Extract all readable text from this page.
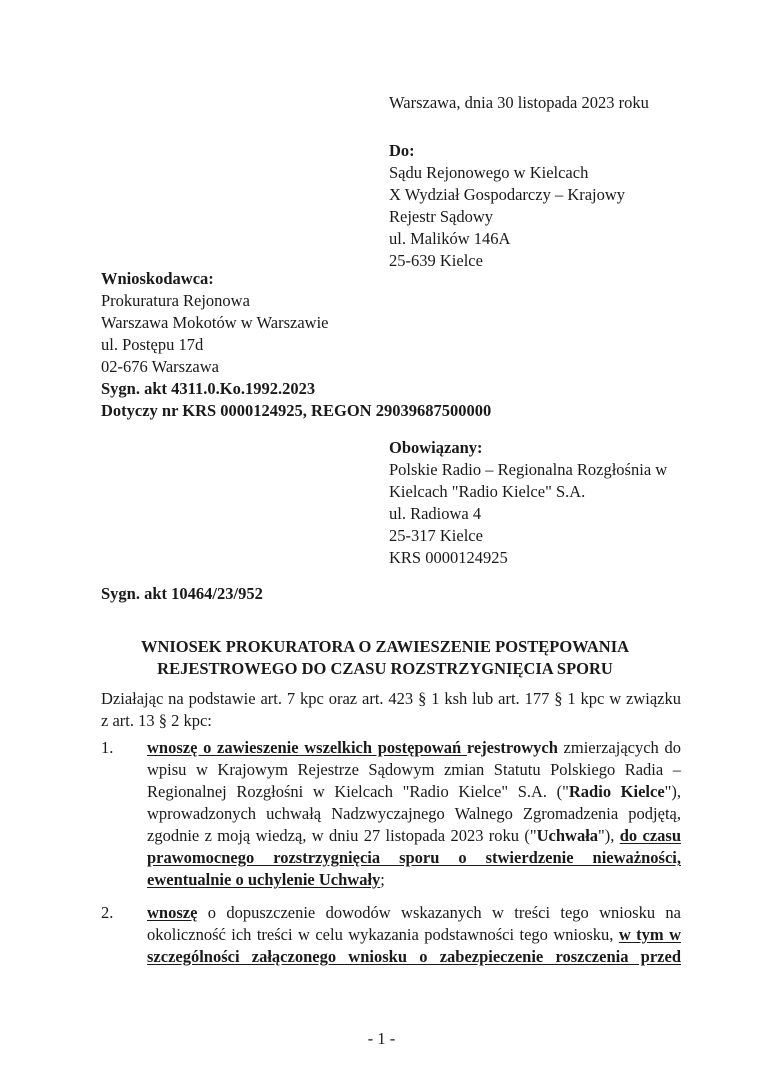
Warszawa, dnia 30 listopada 2023 roku
Do:
Sądu Rejonowego w Kielcach
X Wydział Gospodarczy – Krajowy
Rejestr Sądowy
ul. Malików 146A
25-639 Kielce
Wnioskodawca:
Prokuratura Rejonowa
Warszawa Mokotów w Warszawie
ul. Postępu 17d
02-676 Warszawa
Sygn. akt 4311.0.Ko.1992.2023
Dotyczy nr KRS 0000124925, REGON 29039687500000
Obowiązany:
Polskie Radio – Regionalna Rozgłośnia w
Kielcach "Radio Kielce" S.A.
ul. Radiowa 4
25-317 Kielce
KRS 0000124925
Sygn. akt 10464/23/952
WNIOSEK PROKURATORA O ZAWIESZENIE POSTĘPOWANIA
REJESTROWEGO DO CZASU ROZSTRZYGNIĘCIA SPORU
Działając na podstawie art. 7 kpc oraz art. 423 § 1 ksh lub art. 177 § 1 kpc w związku
z art. 13 § 2 kpc:
1. wnoszę o zawieszenie wszelkich postępowań rejestrowych zmierzających do
wpisu w Krajowym Rejestrze Sądowym zmian Statutu Polskiego Radia –
Regionalnej Rozgłośni w Kielcach "Radio Kielce" S.A. ("Radio Kielce"),
wprowadzonych uchwałą Nadzwyczajnego Walnego Zgromadzenia podjętą,
zgodnie z moją wiedzą, w dniu 27 listopada 2023 roku ("Uchwała"), do czasu
prawomocnego rozstrzygnięcia sporu o stwierdzenie nieważności,
ewentualnie o uchylenie Uchwały;
2. wnoszę o dopuszczenie dowodów wskazanych w treści tego wniosku na
okoliczność ich treści w celu wykazania podstawności tego wniosku, w tym w
szczególności załączonego wniosku o zabezpieczenie roszczenia przed
- 1 -
